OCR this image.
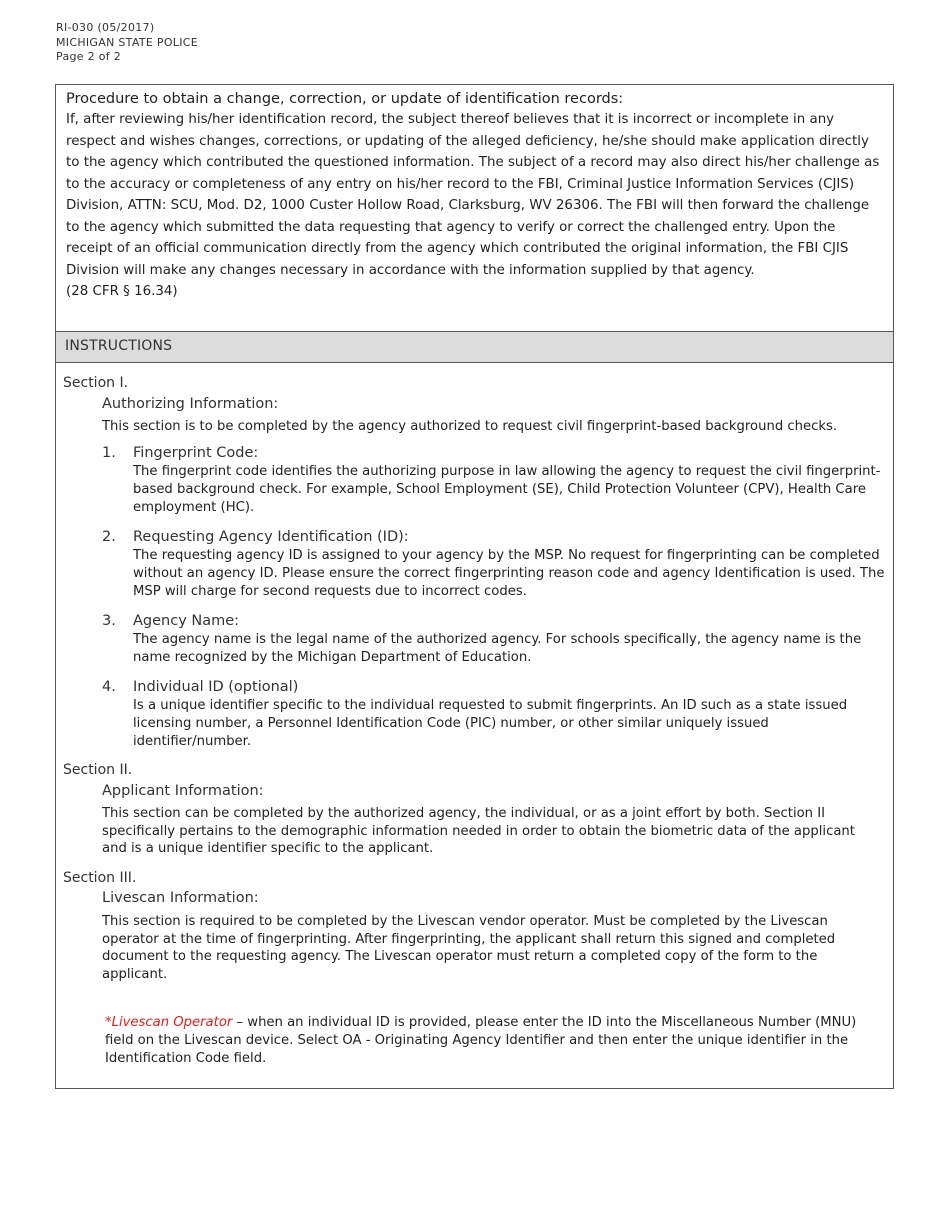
RI-030 (05/2017)
MICHIGAN STATE POLICE
Page 2 of 2
Procedure to obtain a change, correction, or update of identification records:
If, after reviewing his/her identification record, the subject thereof believes that it is incorrect or incomplete in any respect and wishes changes, corrections, or updating of the alleged deficiency, he/she should make application directly to the agency which contributed the questioned information. The subject of a record may also direct his/her challenge as to the accuracy or completeness of any entry on his/her record to the FBI, Criminal Justice Information Services (CJIS) Division, ATTN: SCU, Mod. D2, 1000 Custer Hollow Road, Clarksburg, WV 26306. The FBI will then forward the challenge to the agency which submitted the data requesting that agency to verify or correct the challenged entry. Upon the receipt of an official communication directly from the agency which contributed the original information, the FBI CJIS Division will make any changes necessary in accordance with the information supplied by that agency.
(28 CFR § 16.34)
INSTRUCTIONS
Section I.
Authorizing Information:
This section is to be completed by the agency authorized to request civil fingerprint-based background checks.
1. Fingerprint Code:
The fingerprint code identifies the authorizing purpose in law allowing the agency to request the civil fingerprint-based background check. For example, School Employment (SE), Child Protection Volunteer (CPV), Health Care employment (HC).
2. Requesting Agency Identification (ID):
The requesting agency ID is assigned to your agency by the MSP. No request for fingerprinting can be completed without an agency ID. Please ensure the correct fingerprinting reason code and agency Identification is used. The MSP will charge for second requests due to incorrect codes.
3. Agency Name:
The agency name is the legal name of the authorized agency. For schools specifically, the agency name is the name recognized by the Michigan Department of Education.
4. Individual ID (optional)
Is a unique identifier specific to the individual requested to submit fingerprints. An ID such as a state issued licensing number, a Personnel Identification Code (PIC) number, or other similar uniquely issued identifier/number.
Section II.
Applicant Information:
This section can be completed by the authorized agency, the individual, or as a joint effort by both. Section II specifically pertains to the demographic information needed in order to obtain the biometric data of the applicant and is a unique identifier specific to the applicant.
Section III.
Livescan Information:
This section is required to be completed by the Livescan vendor operator. Must be completed by the Livescan operator at the time of fingerprinting. After fingerprinting, the applicant shall return this signed and completed document to the requesting agency. The Livescan operator must return a completed copy of the form to the applicant.
*Livescan Operator – when an individual ID is provided, please enter the ID into the Miscellaneous Number (MNU) field on the Livescan device. Select OA - Originating Agency Identifier and then enter the unique identifier in the Identification Code field.
